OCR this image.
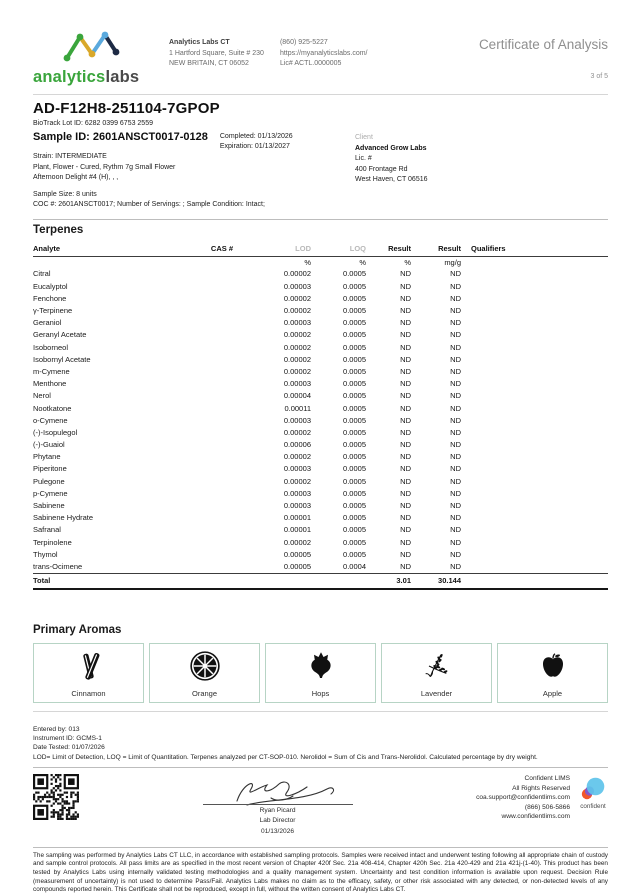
analyticslabs
Analytics Labs CT
1 Hartford Square, Suite # 230
NEW BRITAIN, CT 06052
(860) 925-5227
https://myanalyticslabs.com/
Lic# ACTL.0000005
Certificate of Analysis
3 of 5
AD-F12H8-251104-7GPOP
BioTrack Lot ID: 6282 0399 6753 2559
Sample ID: 2601ANSCT0017-0128 Completed: 01/13/2026
Expiration: 01/13/2027
Strain: INTERMEDIATE
Plant, Flower - Cured, Rythm 7g Small Flower
Afternoon Delight #4 (H), , ,
Sample Size: 8 units
COC #: 2601ANSCT0017; Number of Servings: ; Sample Condition: Intact;
Client
Advanced Grow Labs
Lic. #
400 Frontage Rd
West Haven, CT 06516
Terpenes
Analyte	CAS #	LOD	LOQ	Result	Result	Qualifiers
		%	%	%	mg/g	
Citral		0.00002	0.0005	ND	ND	
Eucalyptol		0.00003	0.0005	ND	ND	
Fenchone		0.00002	0.0005	ND	ND	
γ-Terpinene		0.00002	0.0005	ND	ND	
Geraniol		0.00003	0.0005	ND	ND	
Geranyl Acetate		0.00002	0.0005	ND	ND	
Isoborneol		0.00002	0.0005	ND	ND	
Isobornyl Acetate		0.00002	0.0005	ND	ND	
m-Cymene		0.00002	0.0005	ND	ND	
Menthone		0.00003	0.0005	ND	ND	
Nerol		0.00004	0.0005	ND	ND	
Nootkatone		0.00011	0.0005	ND	ND	
o-Cymene		0.00003	0.0005	ND	ND	
(-)-Isopulegol		0.00002	0.0005	ND	ND	
(-)-Guaiol		0.00006	0.0005	ND	ND	
Phytane		0.00002	0.0005	ND	ND	
Piperitone		0.00003	0.0005	ND	ND	
Pulegone		0.00002	0.0005	ND	ND	
p-Cymene		0.00003	0.0005	ND	ND	
Sabinene		0.00003	0.0005	ND	ND	
Sabinene Hydrate		0.00001	0.0005	ND	ND	
Safranal		0.00001	0.0005	ND	ND	
Terpinolene		0.00002	0.0005	ND	ND	
Thymol		0.00005	0.0005	ND	ND	
trans-Ocimene		0.00005	0.0004	ND	ND	
Total				3.01	30.144	
Primary Aromas
Cinnamon	Orange	Hops	Lavender	Apple
Entered by: 013
Instrument ID: GCMS-1
Date Tested: 01/07/2026
LOD= Limit of Detection, LOQ = Limit of Quantitation. Terpenes analyzed per CT-SOP-010. Nerolidol = Sum of Cis and Trans-Nerolidol. Calculated percentage by dry weight.
Ryan Picard
Lab Director
01/13/2026
Confident LIMS
All Rights Reserved
coa.support@confidentlims.com
(866) 506-5866
www.confidentlims.com
confident
The sampling was performed by Analytics Labs CT LLC, in accordance with established sampling protocols. Samples were received intact and underwent testing following all appropriate chain of custody and sample control protocols. All pass limits are as specified in the most recent version of Chapter 420f Sec. 21a 408-414, Chapter 420h Sec. 21a 420-429 and 21a 421j-(1-40). This product has been tested by Analytics Labs using internally validated testing methodologies and a quality management system. Uncertainty and test condition information is available upon request. Decision Rule (measurement of uncertainty) is not used to determine Pass/Fail. Analytics Labs makes no claim as to the efficacy, safety, or other risk associated with any detected, or non-detected levels of any compounds reported herein. This Certificate shall not be reproduced, except in full, without the written consent of Analytics Labs CT.
